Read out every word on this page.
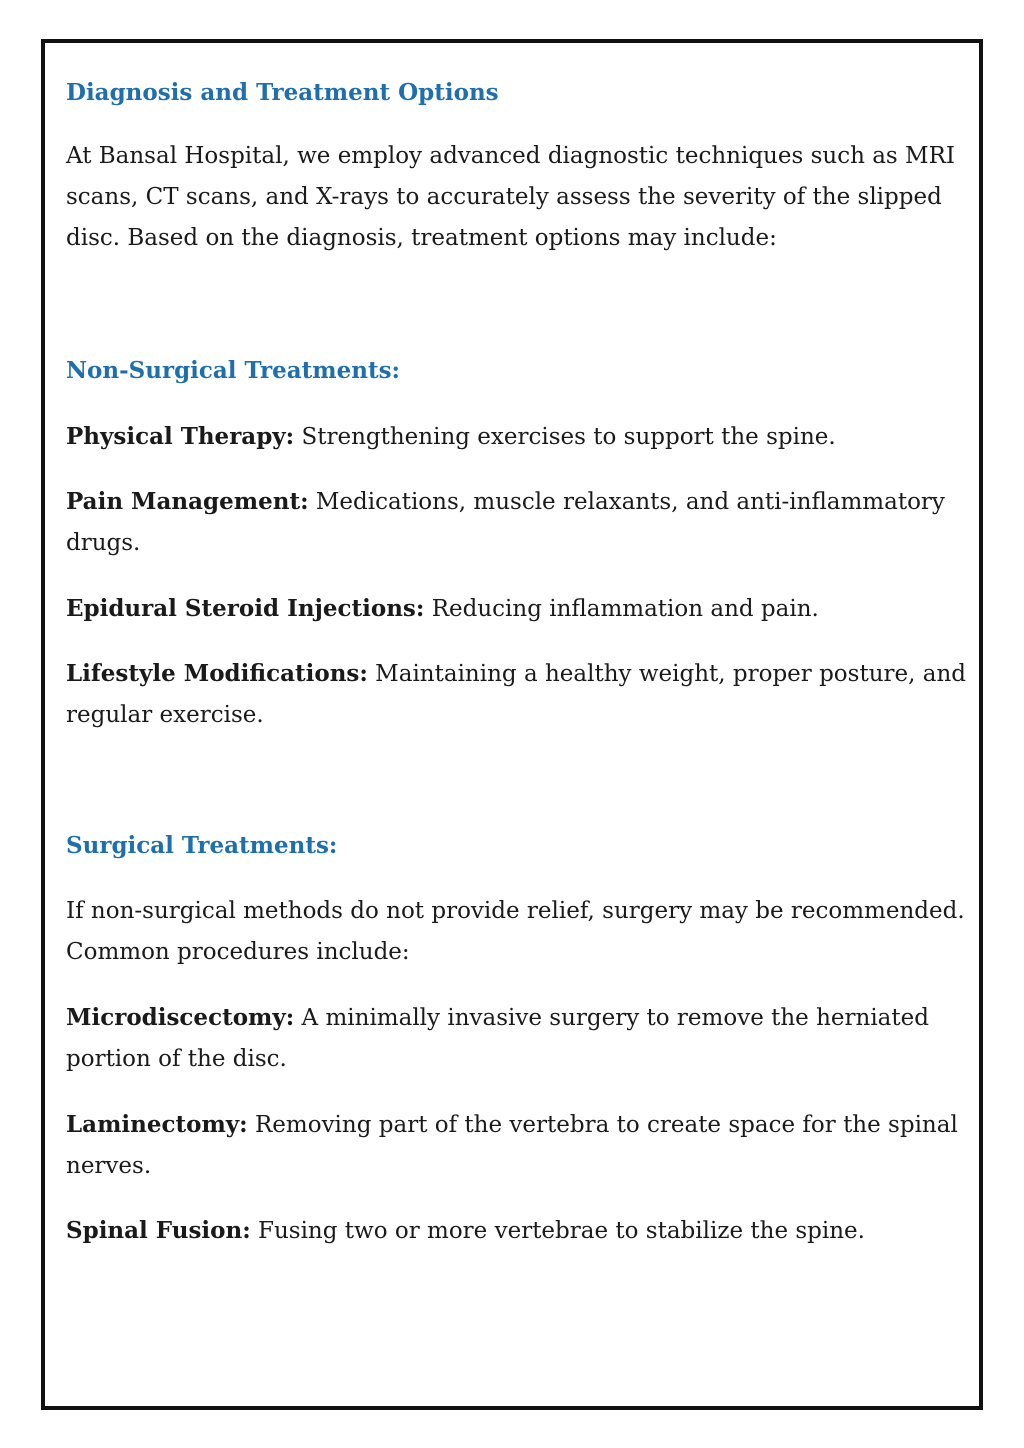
Diagnosis and Treatment Options

At Bansal Hospital, we employ advanced diagnostic techniques such as MRI scans, CT scans, and X-rays to accurately assess the severity of the slipped disc. Based on the diagnosis, treatment options may include:

Non-Surgical Treatments:

Physical Therapy: Strengthening exercises to support the spine.

Pain Management: Medications, muscle relaxants, and anti-inflammatory drugs.

Epidural Steroid Injections: Reducing inflammation and pain.

Lifestyle Modifications: Maintaining a healthy weight, proper posture, and regular exercise.

Surgical Treatments:

If non-surgical methods do not provide relief, surgery may be recommended. Common procedures include:

Microdiscectomy: A minimally invasive surgery to remove the herniated portion of the disc.

Laminectomy: Removing part of the vertebra to create space for the spinal nerves.

Spinal Fusion: Fusing two or more vertebrae to stabilize the spine.
